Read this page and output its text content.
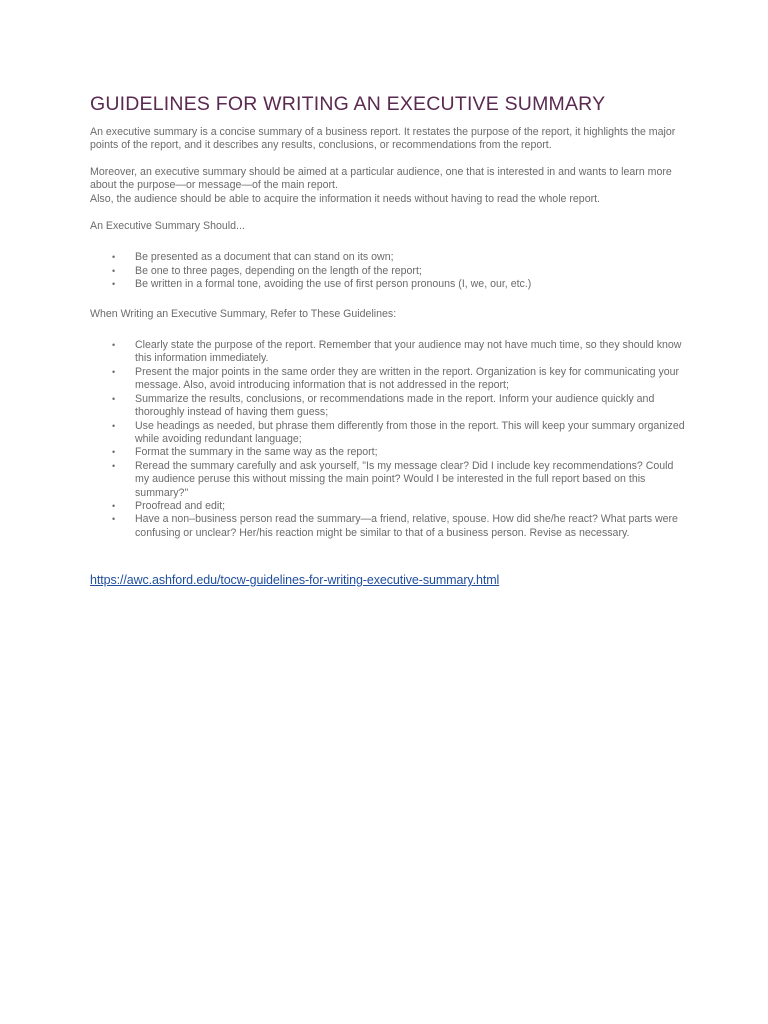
GUIDELINES FOR WRITING AN EXECUTIVE SUMMARY

An executive summary is a concise summary of a business report. It restates the purpose of the report, it highlights the major points of the report, and it describes any results, conclusions, or recommendations from the report.

Moreover, an executive summary should be aimed at a particular audience, one that is interested in and wants to learn more about the purpose—or message—of the main report.
Also, the audience should be able to acquire the information it needs without having to read the whole report.

An Executive Summary Should...

• Be presented as a document that can stand on its own;
• Be one to three pages, depending on the length of the report;
• Be written in a formal tone, avoiding the use of first person pronouns (I, we, our, etc.)

When Writing an Executive Summary, Refer to These Guidelines:

• Clearly state the purpose of the report. Remember that your audience may not have much time, so they should know this information immediately.
• Present the major points in the same order they are written in the report. Organization is key for communicating your message. Also, avoid introducing information that is not addressed in the report;
• Summarize the results, conclusions, or recommendations made in the report. Inform your audience quickly and thoroughly instead of having them guess;
• Use headings as needed, but phrase them differently from those in the report. This will keep your summary organized while avoiding redundant language;
• Format the summary in the same way as the report;
• Reread the summary carefully and ask yourself, "Is my message clear? Did I include key recommendations? Could my audience peruse this without missing the main point? Would I be interested in the full report based on this summary?"
• Proofread and edit;
• Have a non–business person read the summary—a friend, relative, spouse. How did she/he react? What parts were confusing or unclear? Her/his reaction might be similar to that of a business person. Revise as necessary.
https://awc.ashford.edu/tocw-guidelines-for-writing-executive-summary.html
